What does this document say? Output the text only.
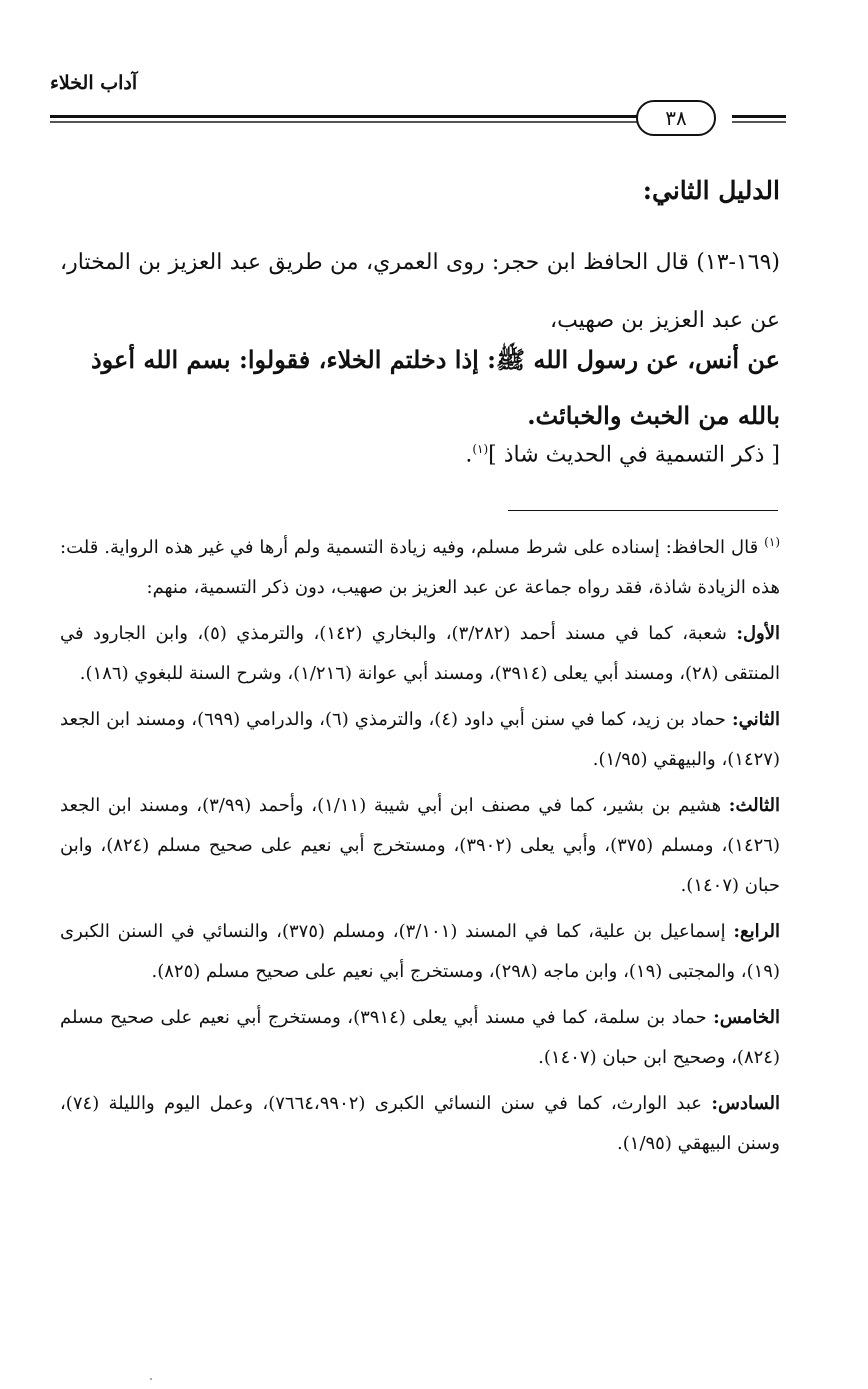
آداب الخلاء
٣٨
الدليل الثاني:
(١٦٩-١٣) قال الحافظ ابن حجر: روى العمري، من طريق عبد العزيز بن المختار، عن عبد العزيز بن صهيب،
عن أنس، عن رسول الله ﷺ: إذا دخلتم الخلاء، فقولوا: بسم الله أعوذ بالله من الخبث والخبائث.
[ ذكر التسمية في الحديث شاذ ]$^{(١)}$.

$^{(١)}$ قال الحافظ: إسناده على شرط مسلم، وفيه زيادة التسمية ولم أرها في غير هذه الرواية. قلت: هذه الزيادة شاذة، فقد رواه جماعة عن عبد العزيز بن صهيب، دون ذكر التسمية، منهم:

الأول: شعبة، كما في مسند أحمد (٣/٢٨٢)، والبخاري (١٤٢)، والترمذي (٥)، وابن الجارود في المنتقى (٢٨)، ومسند أبي يعلى (٣٩١٤)، ومسند أبي عوانة (١/٢١٦)، وشرح السنة للبغوي (١٨٦).

الثاني: حماد بن زيد، كما في سنن أبي داود (٤)، والترمذي (٦)، والدرامي (٦٩٩)، ومسند ابن الجعد (١٤٢٧)، والبيهقي (١/٩٥).

الثالث: هشيم بن بشير، كما في مصنف ابن أبي شيبة (١/١١)، وأحمد (٣/٩٩)، ومسند ابن الجعد (١٤٢٦)، ومسلم (٣٧٥)، وأبي يعلى (٣٩٠٢)، ومستخرج أبي نعيم على صحيح مسلم (٨٢٤)، وابن حبان (١٤٠٧).

الرابع: إسماعيل بن علية، كما في المسند (٣/١٠١)، ومسلم (٣٧٥)، والنسائي في السنن الكبرى (١٩)، والمجتبى (١٩)، وابن ماجه (٢٩٨)، ومستخرج أبي نعيم على صحيح مسلم (٨٢٥).

الخامس: حماد بن سلمة، كما في مسند أبي يعلى (٣٩١٤)، ومستخرج أبي نعيم على صحيح مسلم (٨٢٤)، وصحيح ابن حبان (١٤٠٧).

السادس: عبد الوارث، كما في سنن النسائي الكبرى (٧٦٦٤،٩٩٠٢)، وعمل اليوم والليلة (٧٤)، وسنن البيهقي (١/٩٥).
